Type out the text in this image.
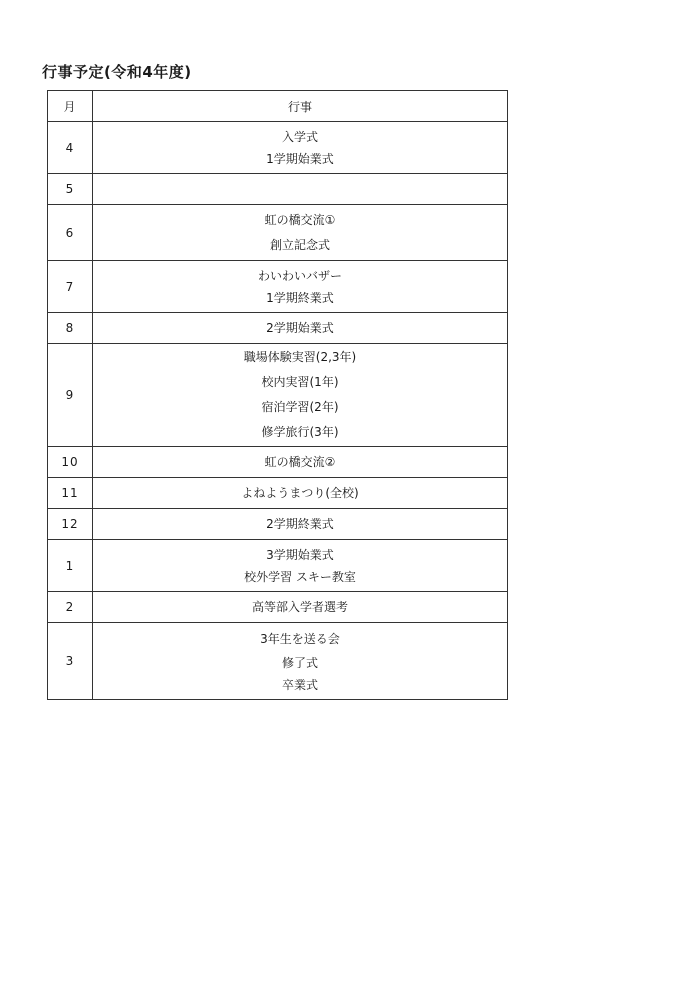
行事予定(令和4年度)
月	行事
4	入学式
1学期始業式

5	
6	虹の橋交流①
創立記念式

7	わいわいバザー
1学期終業式

8	2学期始業式

9	職場体験実習(2,3年)
校内実習(1年)
宿泊学習(2年)
修学旅行(3年)

10	虹の橋交流②

11	よねようまつり(全校)

12	2学期終業式

1	3学期始業式
校外学習 スキー教室

2	高等部入学者選考

3	3年生を送る会
修了式
卒業式
